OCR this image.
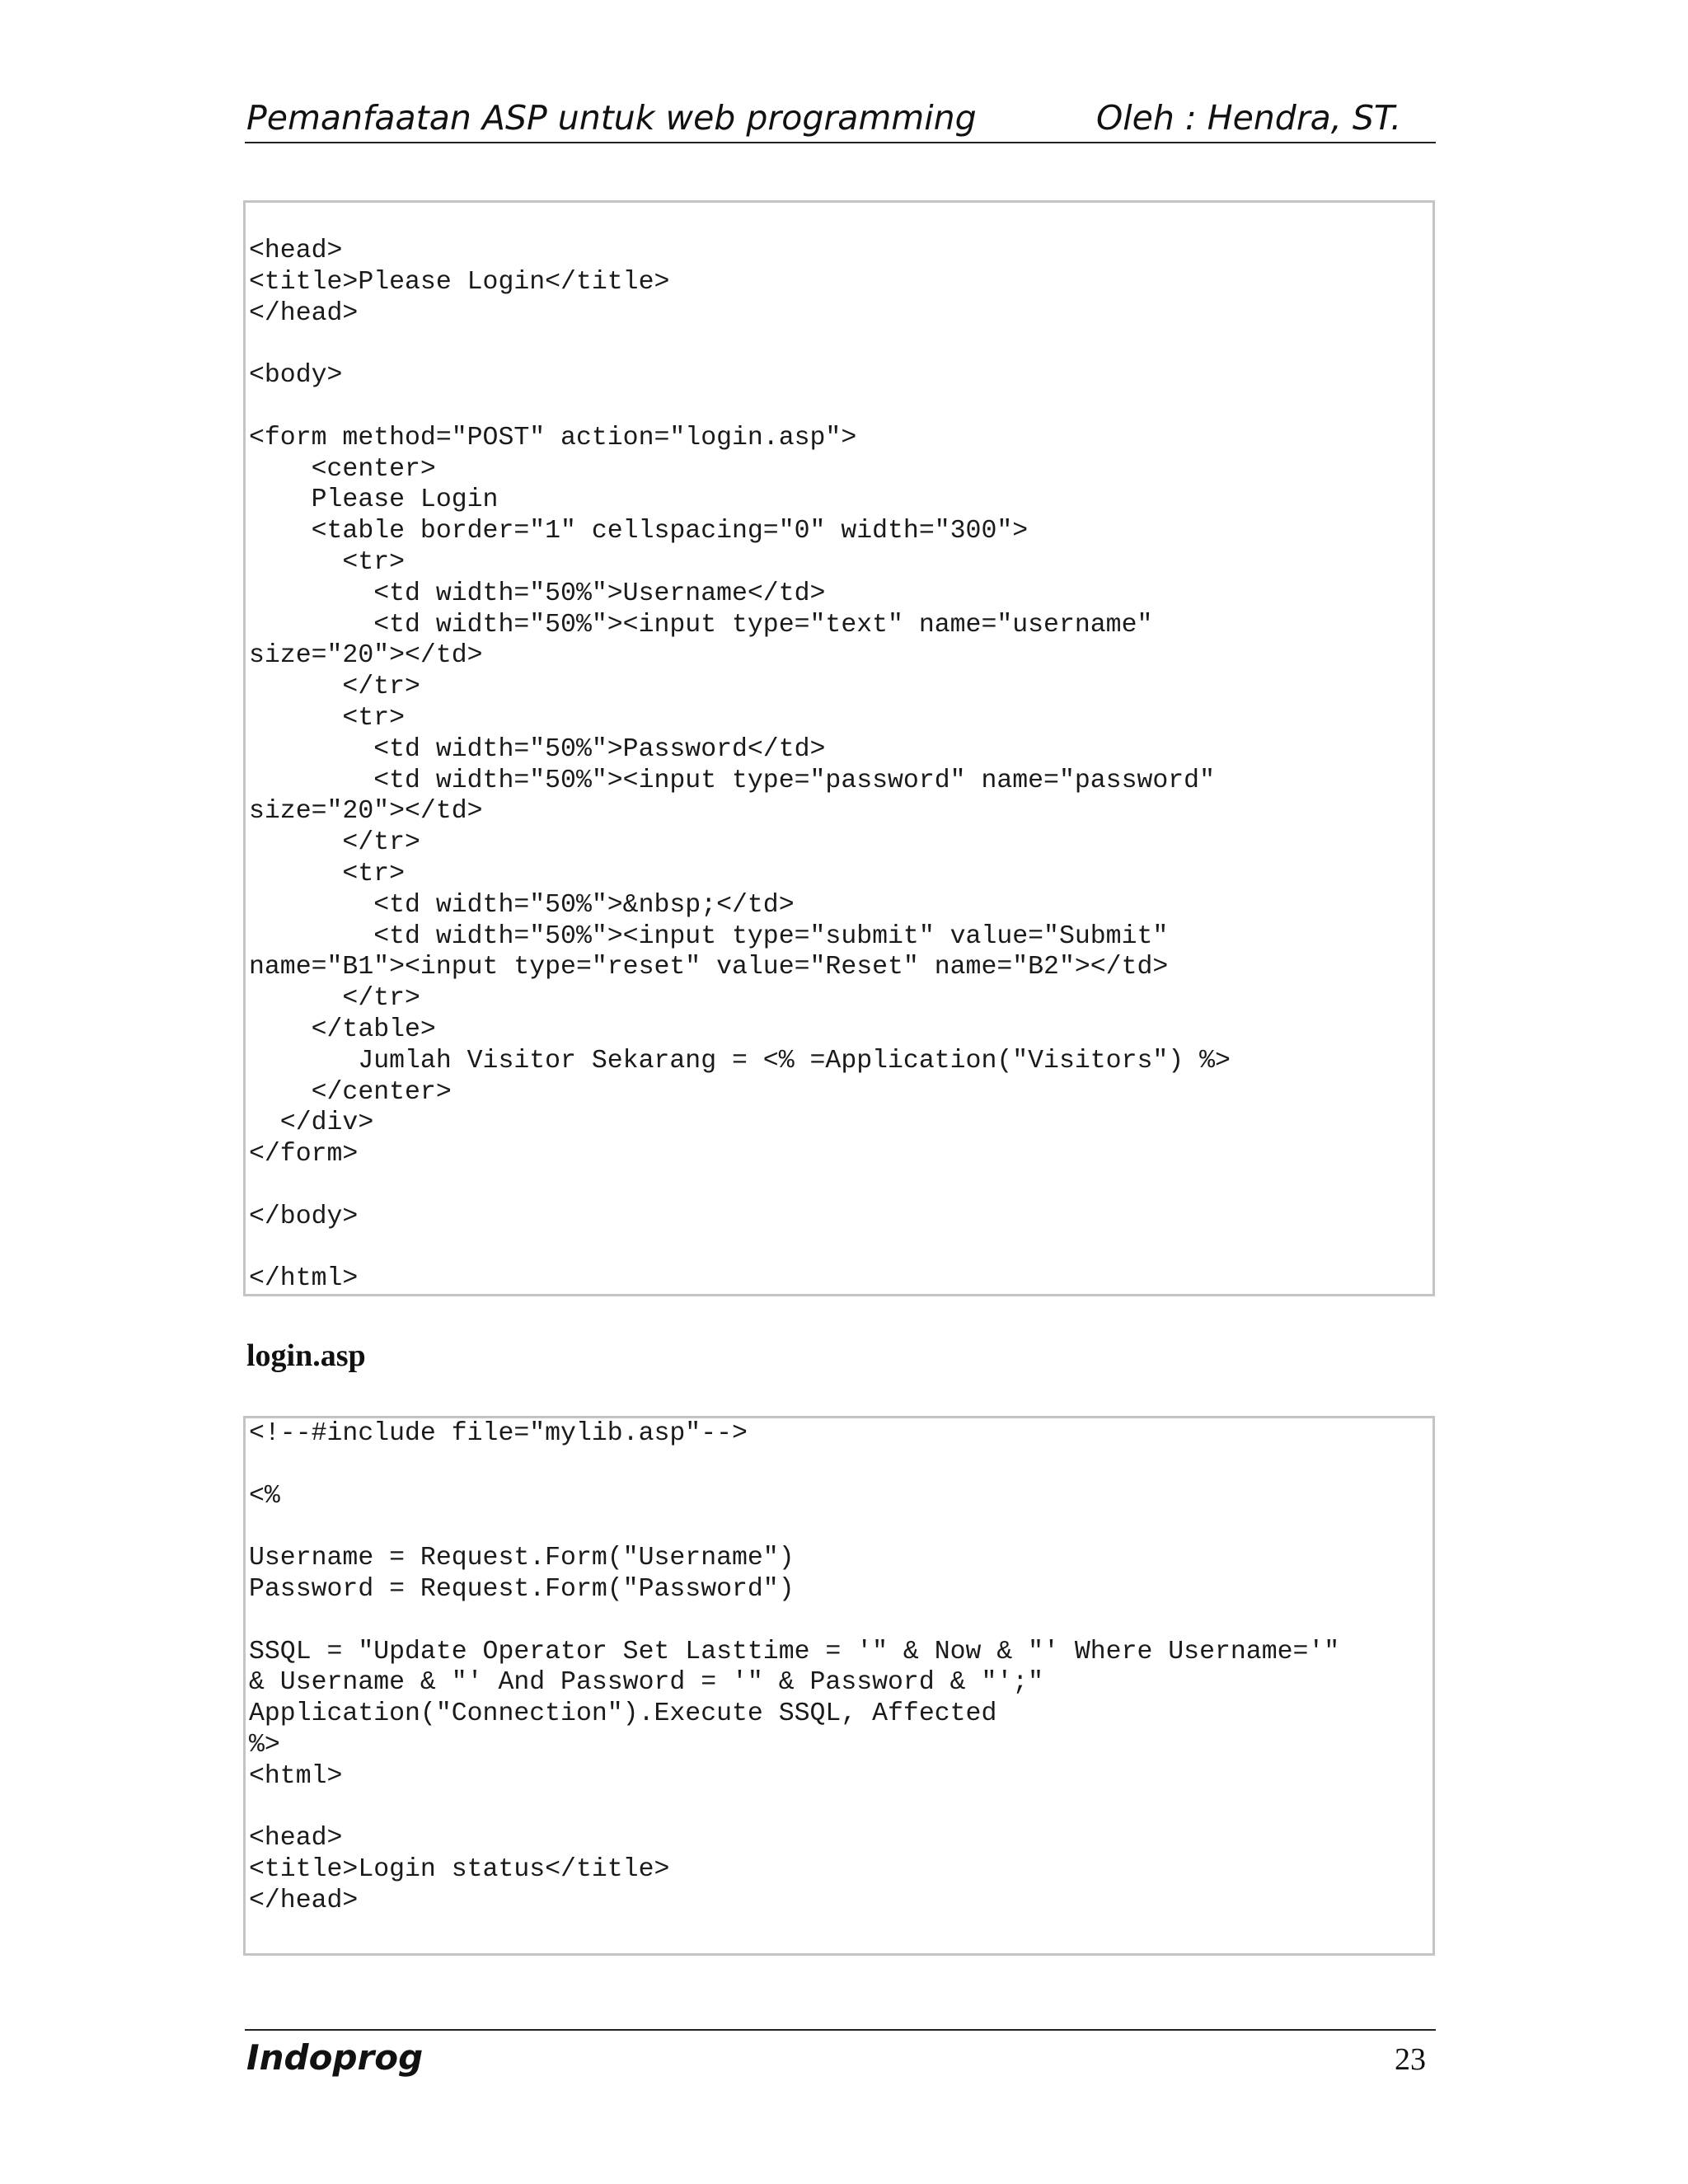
Pemanfaatan ASP untuk web programming	Oleh : Hendra, ST.
<head>
<title>Please Login</title>
</head>

<body>

<form method="POST" action="login.asp">
<center>
Please Login
<table border="1" cellspacing="0" width="300">
<tr>
<td width="50%">Username</td>
<td width="50%"><input type="text" name="username"
size="20"></td>
</tr>
<tr>
<td width="50%">Password</td>
<td width="50%"><input type="password" name="password"
size="20"></td>
</tr>
<tr>
<td width="50%">&nbsp;</td>
<td width="50%"><input type="submit" value="Submit"
name="B1"><input type="reset" value="Reset" name="B2"></td>
</tr>
</table>
Jumlah Visitor Sekarang = <% =Application("Visitors") %>
</center>
</div>
</form>

</body>

</html>
login.asp
<!--#include file="mylib.asp"-->

<%

Username = Request.Form("Username")
Password = Request.Form("Password")

SSQL = "Update Operator Set Lasttime = '" & Now & "' Where Username='"
& Username & "' And Password = '" & Password & "';"
Application("Connection").Execute SSQL, Affected
%>
<html>

<head>
<title>Login status</title>
</head>
Indoprog	23
